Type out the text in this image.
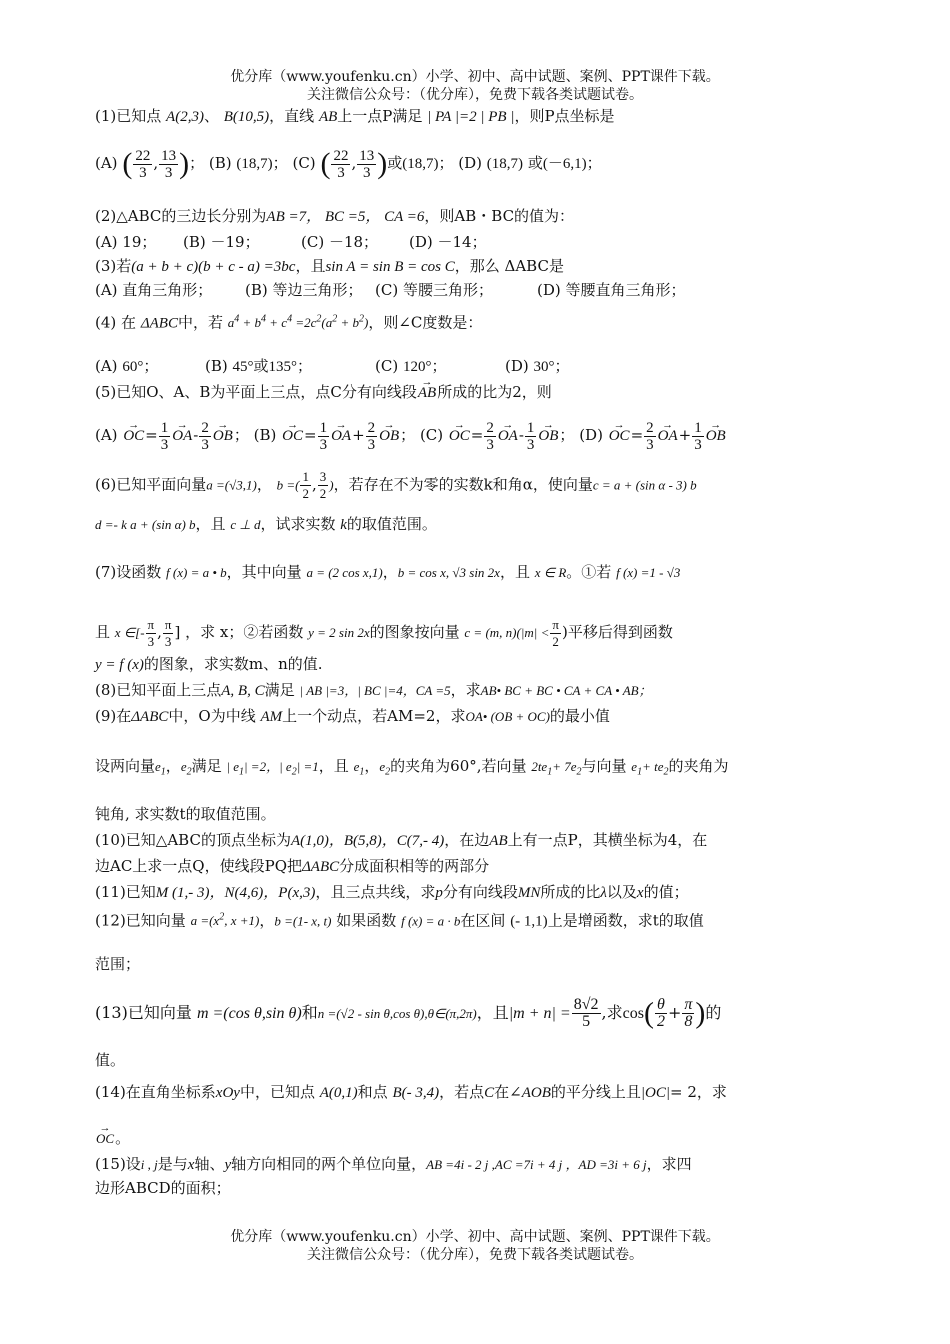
优分库（www.youfenku.cn）小学、初中、高中试题、案例、PPT课件下载。
关注微信公众号：（优分库），免费下载各类试题试卷。
(1)已知点 A(2,3)、 B(10,5)，直线 AB上一点P满足 | PA |=2 | PB |，则P点坐标是
(A) ( $\frac{22}{3}$ , $\frac{13}{3}$ )； (B) (18,7)； (C) ( $\frac{22}{3}$ , $\frac{13}{3}$ )或(18,7)； (D) (18,7) 或(－6,1)；
(2)△ABC的三边长分别为AB =7， BC =5， CA =6，则AB・BC的值为：
(A) 19； (B) －19；	(C) －18； (D) －14；
(3)若(a + b + c)(b + c - a) =3bc，且sin A = sin B = cos C，那么 ΔABC是
(A) 直角三角形； (B) 等边三角形； (C) 等腰三角形；	(D) 等腰直角三角形；
(4) 在 ΔABC中，若 $a^4 + b^4 + c^4 =2c^2(a^2 + b^2)$，则∠C度数是：
(A) 60°；	(B) 45°或135°；	(C) 120°；	(D) 30°；
(5)已知O、A、B为平面上三点，点C分有向线段→ AB所成的比为2，则
$(A) \to OC= \frac{1}{3}$
→ $OA- \frac{2}{3}$
→ OB； $(B) \to OC= \frac{1}{3}$
→ $OA+ \frac{2}{3}$
→ OB； $(C) \to OC= \frac{2}{3}$
→ $OA- \frac{1}{3}$
→ OB； $(D) \to OC= \frac{2}{3}$
→ $OA+ \frac{1}{3}$
→ OB
(6)已知平面向量a =(√3,1)， b =( $\frac{1}{2}$ , $\frac{3}{2}$ )，若存在不为零的实数k和角α，使向量c = a + (sin α - 3) b
d =- k a + (sin α) b，且 c ⊥ d，试求实数 k的取值范围。
(7)设函数 f (x) = a • b，其中向量 a = (2 cos x,1)，b = cos x, √3 sin 2x，且 x ∈ R。①若 f (x) =1 - √3
且 x ∈[- $\frac{\pi}{3}$ , $\frac{\pi}{3}$ ] ，求 x；②若函数 y = 2 sin 2x的图象按向量 c = (m, $n)(|m| < \frac{\pi}{2}$ )平移后得到函数
y = f (x)的图象，求实数m、n的值.
(8)已知平面上三点A, B, C满足 | AB |=3，| BC |=4，CA =5，求AB• BC + BC • CA + CA • AB；
(9)在ΔABC中，O为中线 AM上一个动点，若AM=2，求OA• (OB + OC)的最小值
设两向量$e_1$，$e_2$满足 | $e_1| =2$，| $e_2| =1$，且 $e_1$，$e_2$的夹角为60°,若向量 $2te_1+ 7e_2$与向量 $e_1+ te_2$的夹角为
钝角, 求实数t的取值范围。
(10)已知△ABC的顶点坐标为A(1,0)，B(5,8)，C(7,- 4)，在边AB上有一点P，其横坐标为4，在
边AC上求一点Q，使线段PQ把ΔABC分成面积相等的两部分
(11)已知M (1,- 3)，N(4,6)，P(x,3)，且三点共线，求p分有向线段MN所成的比λ以及x的值；
(12)已知向量 $a =(x^2$, x +1)，b =(1- x, t) 如果函数 f (x) = a · b在区间 (- 1,1)上是增函数，求t的取值
范围；
(13)已知向量 m =(cos θ,sin θ)和n =(√2 - sin θ,cos θ),θ∈(π,2π)，且$|m + n| = \frac{8√2}{5}$ ,求$\cos( \frac{\theta}{2} + \frac{\pi}{8}$ )的
值。
(14)在直角坐标系xOy中，已知点 A(0,1)和点 B(- 3,4)，若点C在∠AOB的平分线上且|OC|= 2，求
→ OC。
(15)设i , j是与x轴、y轴方向相同的两个单位向量，AB =4i - 2 j ,AC =7i + 4 j ，AD =3i + 6 j，求四
边形ABCD的面积；
优分库（www.youfenku.cn）小学、初中、高中试题、案例、PPT课件下载。
关注微信公众号：（优分库），免费下载各类试题试卷。
